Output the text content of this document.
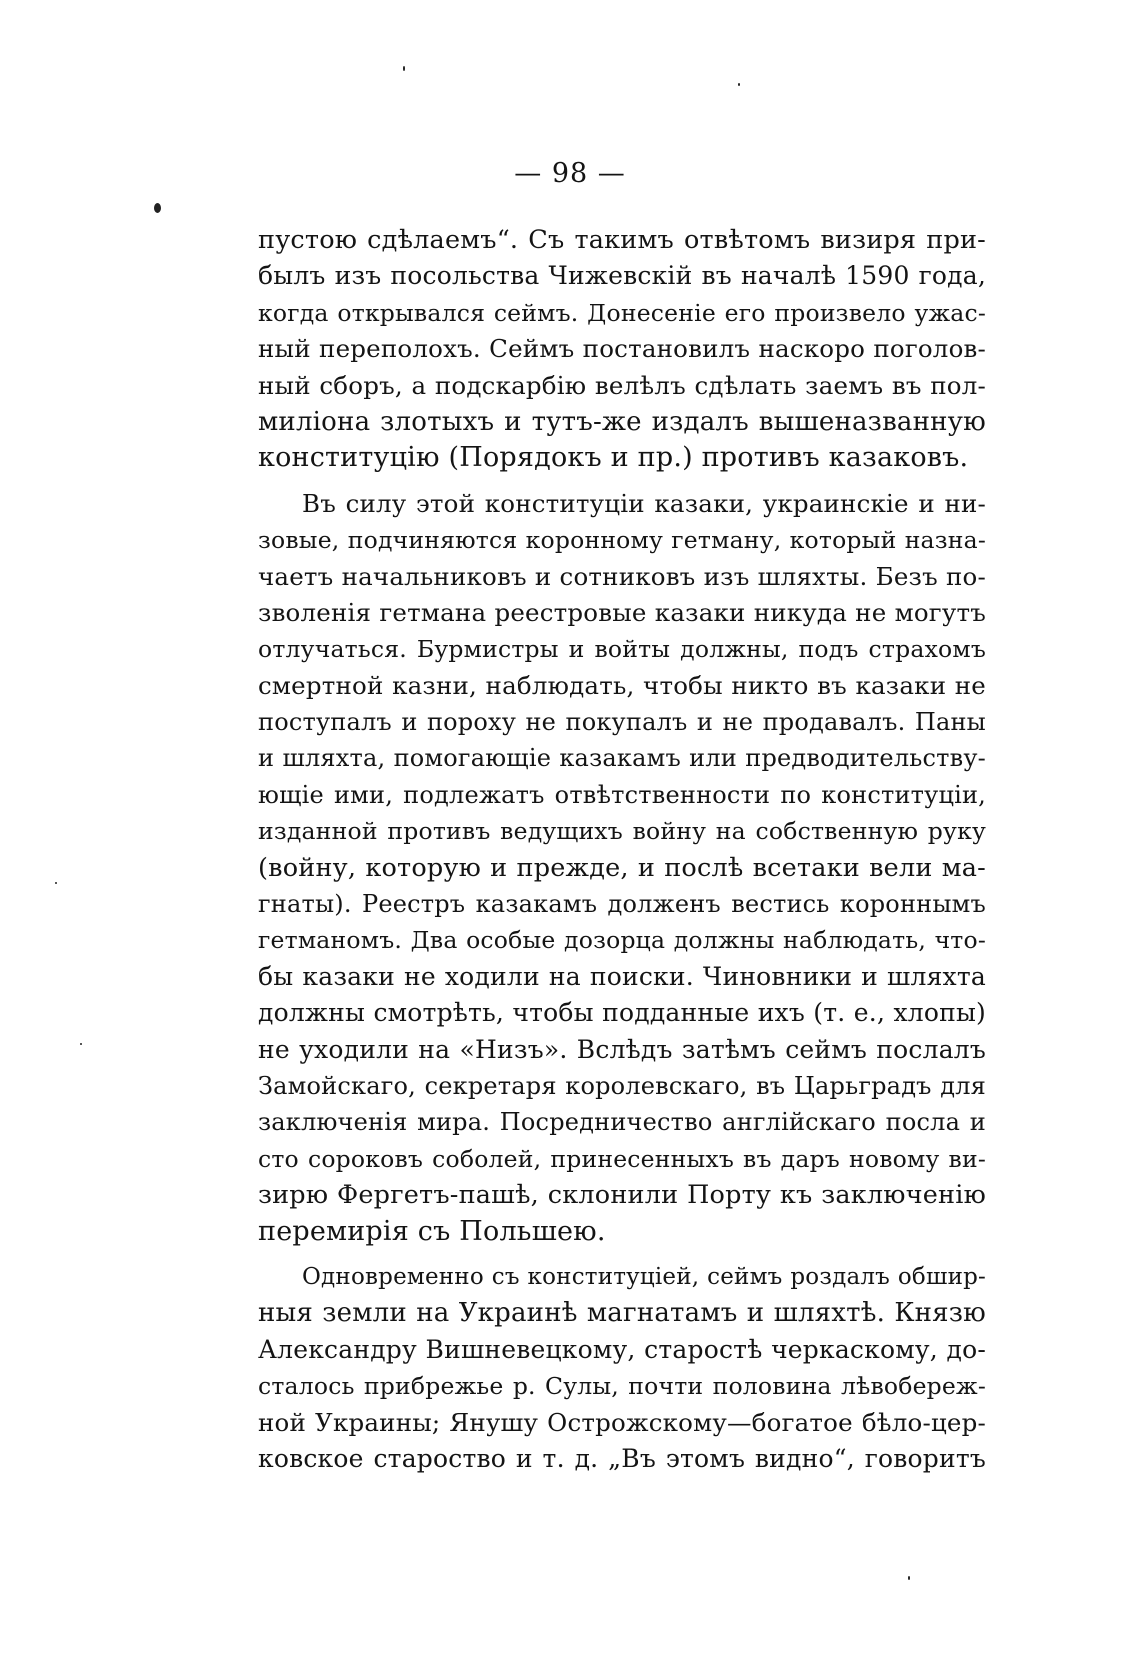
— 98 —
пустою сдѣлаемъ“. Съ такимъ отвѣтомъ визиря при-
былъ изъ посольства Чижевскій въ началѣ 1590 года,
когда открывался сеймъ. Донесеніе его произвело ужас-
ный переполохъ. Сеймъ постановилъ наскоро поголов-
ный сборъ, а подскарбію велѣлъ сдѣлать заемъ въ пол-
миліона злотыхъ и тутъ-же издалъ вышеназванную
конституцію (Порядокъ и пр.) противъ казаковъ.
Въ силу этой конституціи казаки, украинскіе и ни-
зовые, подчиняются коронному гетману, который назна-
чаетъ начальниковъ и сотниковъ изъ шляхты. Безъ по-
зволенія гетмана реестровые казаки никуда не могутъ
отлучаться. Бурмистры и войты должны, подъ страхомъ
смертной казни, наблюдать, чтобы никто въ казаки не
поступалъ и пороху не покупалъ и не продавалъ. Паны
и шляхта, помогающіе казакамъ или предводительству-
ющіе ими, подлежатъ отвѣтственности по конституціи,
изданной противъ ведущихъ войну на собственную руку
(войну, которую и прежде, и послѣ всетаки вели ма-
гнаты). Реестръ казакамъ долженъ вестись короннымъ
гетманомъ. Два особые дозорца должны наблюдать, что-
бы казаки не ходили на поиски. Чиновники и шляхта
должны смотрѣть, чтобы подданные ихъ (т. е., хлопы)
не уходили на «Низъ». Вслѣдъ затѣмъ сеймъ послалъ
Замойскаго, секретаря королевскаго, въ Царьградъ для
заключенія мира. Посредничество англійскаго посла и
сто сороковъ соболей, принесенныхъ въ даръ новому ви-
зирю Фергетъ-пашѣ, склонили Порту къ заключенію
перемирія съ Польшею.
Одновременно съ конституціей, сеймъ роздалъ обшир-
ныя земли на Украинѣ магнатамъ и шляхтѣ. Князю
Александру Вишневецкому, старостѣ черкаскому, до-
сталось прибрежье р. Сулы, почти половина лѣвобереж-
ной Украины; Янушу Острожскому—богатое бѣло-цер-
ковское староство и т. д. „Въ этомъ видно“, говоритъ
